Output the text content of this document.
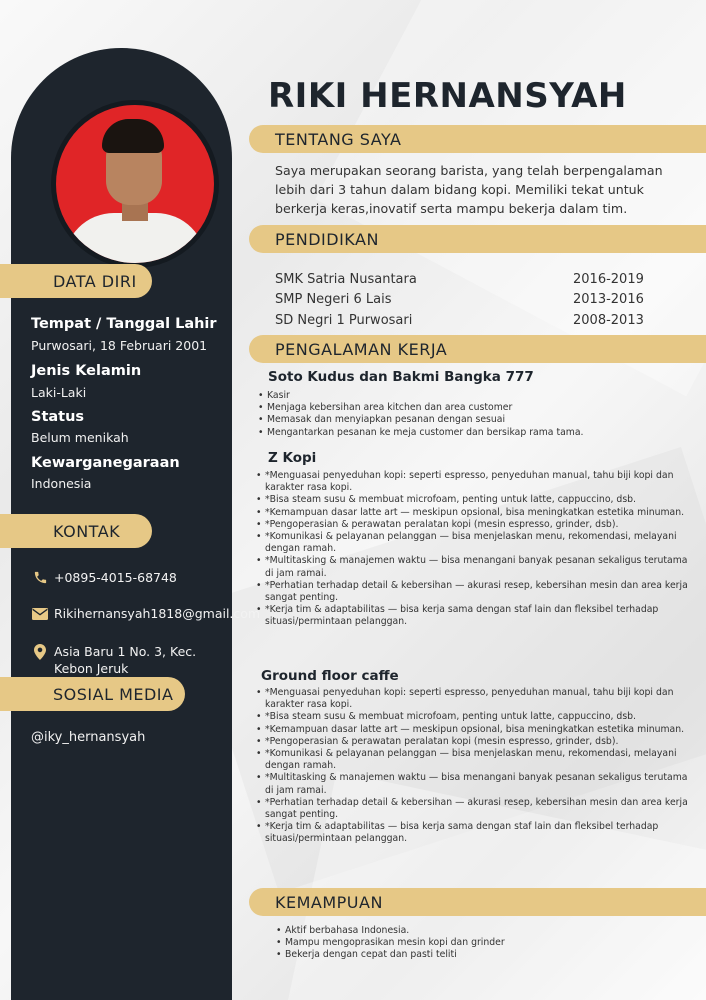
DATA DIRI
Tempat / Tanggal Lahir
Purwosari, 18 Februari 2001
Jenis Kelamin
Laki-Laki
Status
Belum menikah
Kewarganegaraan
Indonesia
KONTAK
+0895-4015-68748
Rikihernansyah1818@gmail.com
Asia Baru 1 No. 3, Kec. Kebon Jeruk
SOSIAL MEDIA
@iky_hernansyah
RIKI HERNANSYAH
TENTANG SAYA
Saya merupakan seorang barista, yang telah berpengalaman lebih dari 3 tahun dalam bidang kopi. Memiliki tekat untuk berkerja keras,inovatif serta mampu bekerja dalam tim.
PENDIDIKAN
SMK Satria Nusantara	2016-2019
SMP Negeri 6 Lais	2013-2016
SD Negri 1 Purwosari	2008-2013
PENGALAMAN KERJA
Soto Kudus dan Bakmi Bangka 777
• Kasir
• Menjaga kebersihan area kitchen dan area customer
• Memasak dan menyiapkan pesanan dengan sesuai
• Mengantarkan pesanan ke meja customer dan bersikap rama tama.
Z Kopi
• *Menguasai penyeduhan kopi: seperti espresso, penyeduhan manual, tahu biji kopi dan karakter rasa kopi.
• *Bisa steam susu & membuat microfoam, penting untuk latte, cappuccino, dsb.
• *Kemampuan dasar latte art — meskipun opsional, bisa meningkatkan estetika minuman.
• *Pengoperasian & perawatan peralatan kopi (mesin espresso, grinder, dsb).
• *Komunikasi & pelayanan pelanggan — bisa menjelaskan menu, rekomendasi, melayani dengan ramah.
• *Multitasking & manajemen waktu — bisa menangani banyak pesanan sekaligus terutama di jam ramai.
• *Perhatian terhadap detail & kebersihan — akurasi resep, kebersihan mesin dan area kerja sangat penting.
• *Kerja tim & adaptabilitas — bisa kerja sama dengan staf lain dan fleksibel terhadap situasi/permintaan pelanggan.
Ground floor caffe
• *Menguasai penyeduhan kopi: seperti espresso, penyeduhan manual, tahu biji kopi dan karakter rasa kopi.
• *Bisa steam susu & membuat microfoam, penting untuk latte, cappuccino, dsb.
• *Kemampuan dasar latte art — meskipun opsional, bisa meningkatkan estetika minuman.
• *Pengoperasian & perawatan peralatan kopi (mesin espresso, grinder, dsb).
• *Komunikasi & pelayanan pelanggan — bisa menjelaskan menu, rekomendasi, melayani dengan ramah.
• *Multitasking & manajemen waktu — bisa menangani banyak pesanan sekaligus terutama di jam ramai.
• *Perhatian terhadap detail & kebersihan — akurasi resep, kebersihan mesin dan area kerja sangat penting.
• *Kerja tim & adaptabilitas — bisa kerja sama dengan staf lain dan fleksibel terhadap situasi/permintaan pelanggan.
KEMAMPUAN
• Aktif berbahasa Indonesia.
• Mampu mengoprasikan mesin kopi dan grinder
• Bekerja dengan cepat dan pasti teliti
